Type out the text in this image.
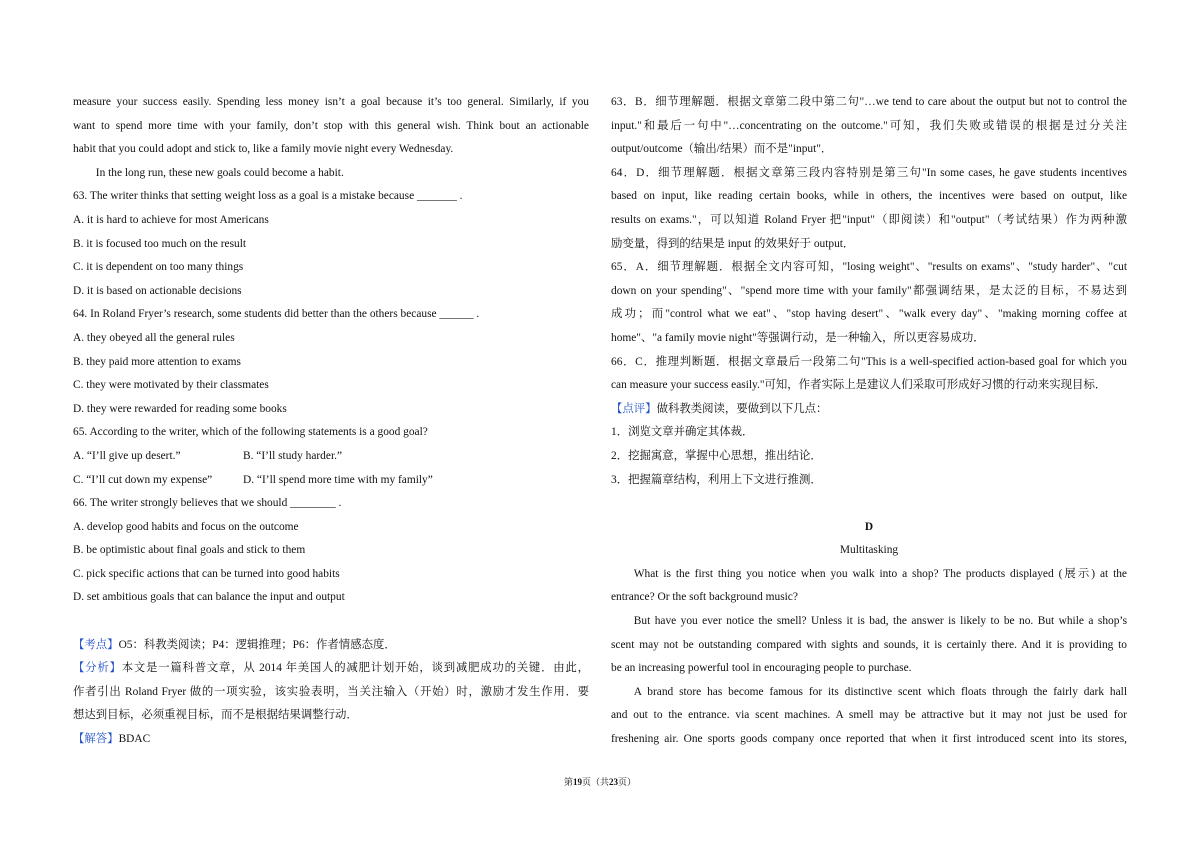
measure your success easily. Spending less money isn’t a goal because it’s too general. Similarly, if you
want to spend more time with your family, don’t stop with this general wish. Think bout an actionable
habit that you could adopt and stick to, like a family movie night every Wednesday.
In the long run, these new goals could become a habit.
63. The writer thinks that setting weight loss as a goal is a mistake because _______ .
A. it is hard to achieve for most Americans
B. it is focused too much on the result
C. it is dependent on too many things
D. it is based on actionable decisions
64. In Roland Fryer’s research, some students did better than the others because ______ .
A. they obeyed all the general rules
B. they paid more attention to exams
C. they were motivated by their classmates
D. they were rewarded for reading some books
65. According to the writer, which of the following statements is a good goal?
A. “I’ll give up desert.”	B. “I’ll study harder.”
C. “I’ll cut down my expense”	D. “I’ll spend more time with my family”
66. The writer strongly believes that we should ________ .
A. develop good habits and focus on the outcome
B. be optimistic about final goals and stick to them
C. pick specific actions that can be turned into good habits
D. set ambitious goals that can balance the input and output
【考点】O5：科教类阅读；P4：逻辑推理；P6：作者情感态度．
【分析】本文是一篇科普文章，从 2014 年美国人的减肥计划开始，谈到减肥成功的关键．由此，
作者引出 Roland Fryer 做的一项实验，该实验表明，当关注输入（开始）时，激励才发生作用．要
想达到目标，必须重视目标，而不是根据结果调整行动．
【解答】BDAC
63．B．细节理解题．根据文章第二段中第二句"…we tend to care about the output but not to control the
input."和最后一句中"…concentrating on the outcome."可知，我们失败或错误的根据是过分关注
output/outcome（输出/结果）而不是"input"．
64．D．细节理解题．根据文章第三段内容特别是第三句"In some cases, he gave students incentives
based on input, like reading certain books, while in others, the incentives were based on output, like
results on exams."，可以知道 Roland Fryer 把"input"（即阅读）和"output"（考试结果）作为两种激
励变量，得到的结果是 input 的效果好于 output．
65．A．细节理解题．根据全文内容可知，"losing weight"、"results on exams"、"study harder"、"cut
down on your spending"、"spend more time with your family"都强调结果，是太泛的目标，不易达到
成功；而"control what we eat"、"stop having desert"、"walk every day"、"making morning coffee at
home"、"a family movie night"等强调行动，是一种输入，所以更容易成功．
66．C．推理判断题．根据文章最后一段第二句"This is a well-specified action-based goal for which you
can measure your success easily."可知，作者实际上是建议人们采取可形成好习惯的行动来实现目标．
【点评】做科教类阅读，要做到以下几点：
1．浏览文章并确定其体裁．
2．挖掘寓意，掌握中心思想，推出结论．
3．把握篇章结构，利用上下文进行推测．
D
Multitasking
What is the first thing you notice when you walk into a shop? The products displayed (展示) at the
entrance? Or the soft background music?
But have you ever notice the smell? Unless it is bad, the answer is likely to be no. But while a shop’s
scent may not be outstanding compared with sights and sounds, it is certainly there. And it is providing to
be an increasing powerful tool in encouraging people to purchase.
A brand store has become famous for its distinctive scent which floats through the fairly dark hall
and out to the entrance. via scent machines. A smell may be attractive but it may not just be used for
freshening air. One sports goods company once reported that when it first introduced scent into its stores,
第19页（共23页）
